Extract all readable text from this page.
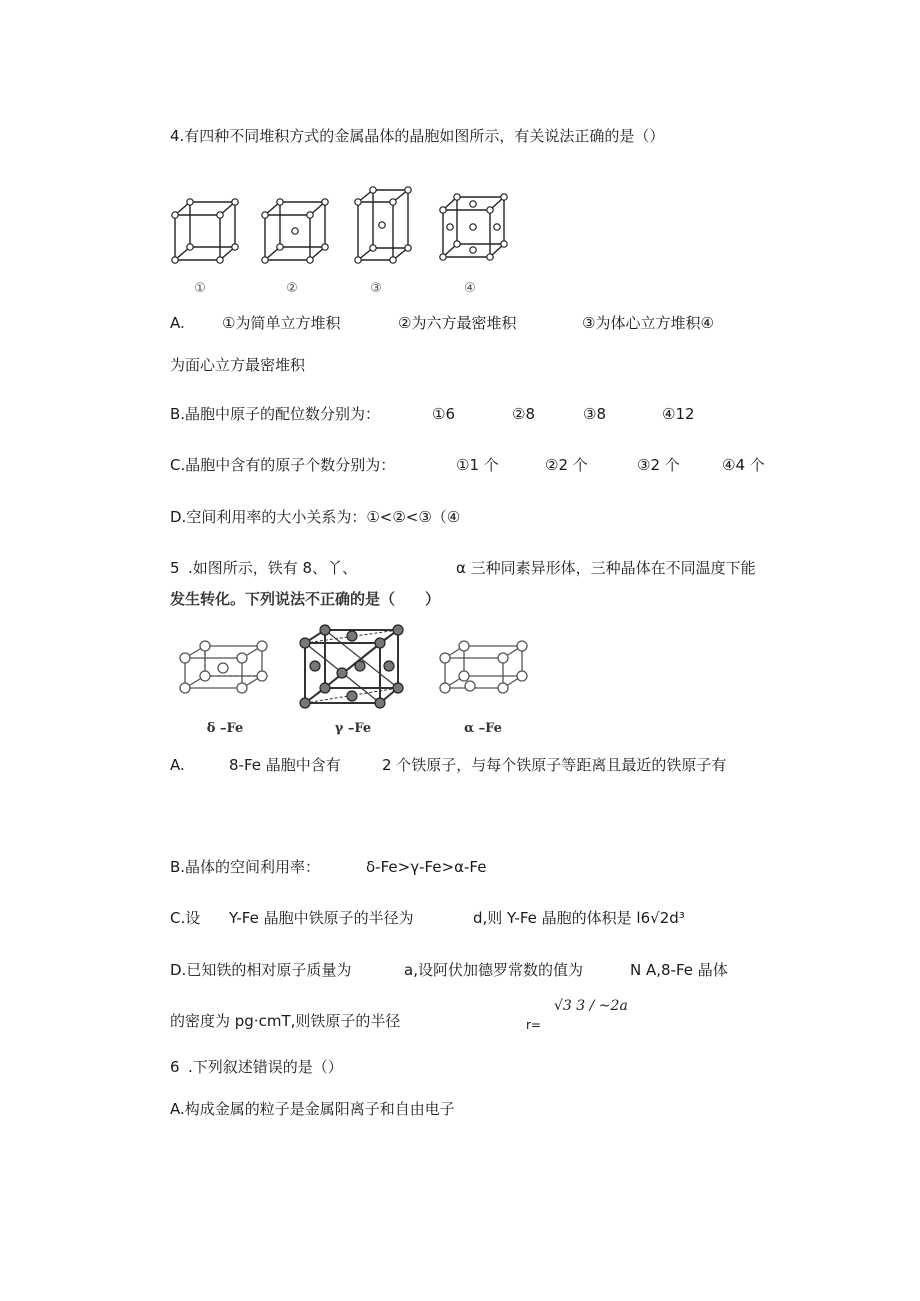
4.有四种不同堆积方式的金属晶体的晶胞如图所示，有关说法正确的是（）
①	②	③	④
A. ①为简单立方堆积	②为六方最密堆积	③为体心立方堆积④
为面心立方最密堆积
B.晶胞中原子的配位数分别为：	①6	②8	③8	④12
C.晶胞中含有的原子个数分别为：	①1 个	②2 个	③2 个	④4 个
D.空间利用率的大小关系为：①<②<③（④
5 .如图所示，铁有 8、丫、	α 三种同素异形体，三种晶体在不同温度下能
发生转化。下列说法不正确的是（　　）
δ –Fe	γ –Fe	α –Fe
A.	8-Fe 晶胞中含有	2 个铁原子，与每个铁原子等距离且最近的铁原子有
B.晶体的空间利用率：	δ-Fe>γ-Fe>α-Fe
C.设 Y-Fe 晶胞中铁原子的半径为	d,则 Y-Fe 晶胞的体积是 l6√2d³
D.已知铁的相对原子质量为	a,设阿伏加德罗常数的值为	N A,8-Fe 晶体
的密度为 pg·cmT,则铁原子的半径	r=
√3 3 / ~2a
6 .下列叙述错误的是（）
A.构成金属的粒子是金属阳离子和自由电子
